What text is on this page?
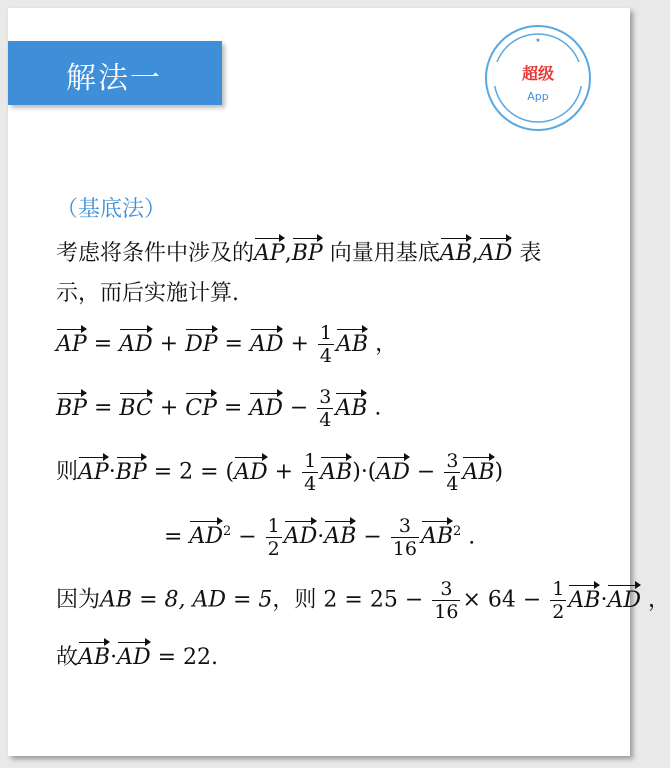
解法一	超级
App
★
（基底法）
考虑将条件中涉及的AP,BP 向量用基底AB,AD 表
示，而后实施计算.
AP = AD + DP = AD + $\frac{1}{4}$ AB ，
BP = BC + CP = AD − $\frac{3}{4}$ AB .
则$AP\cdot BP = 2 = (AD + \frac{1}{4} AB)\cdot(AD - \frac{3}{4} AB)$
= $AD^2 - \frac{1}{2} AD\cdot AB - \frac{3}{16} AB^2$ .
因为AB = 8, AD = 5，则 $2 = 25 - \frac{3}{16} \times 64 - \frac{1}{2} AB\cdot AD$ ，
故AB·AD = 22.
